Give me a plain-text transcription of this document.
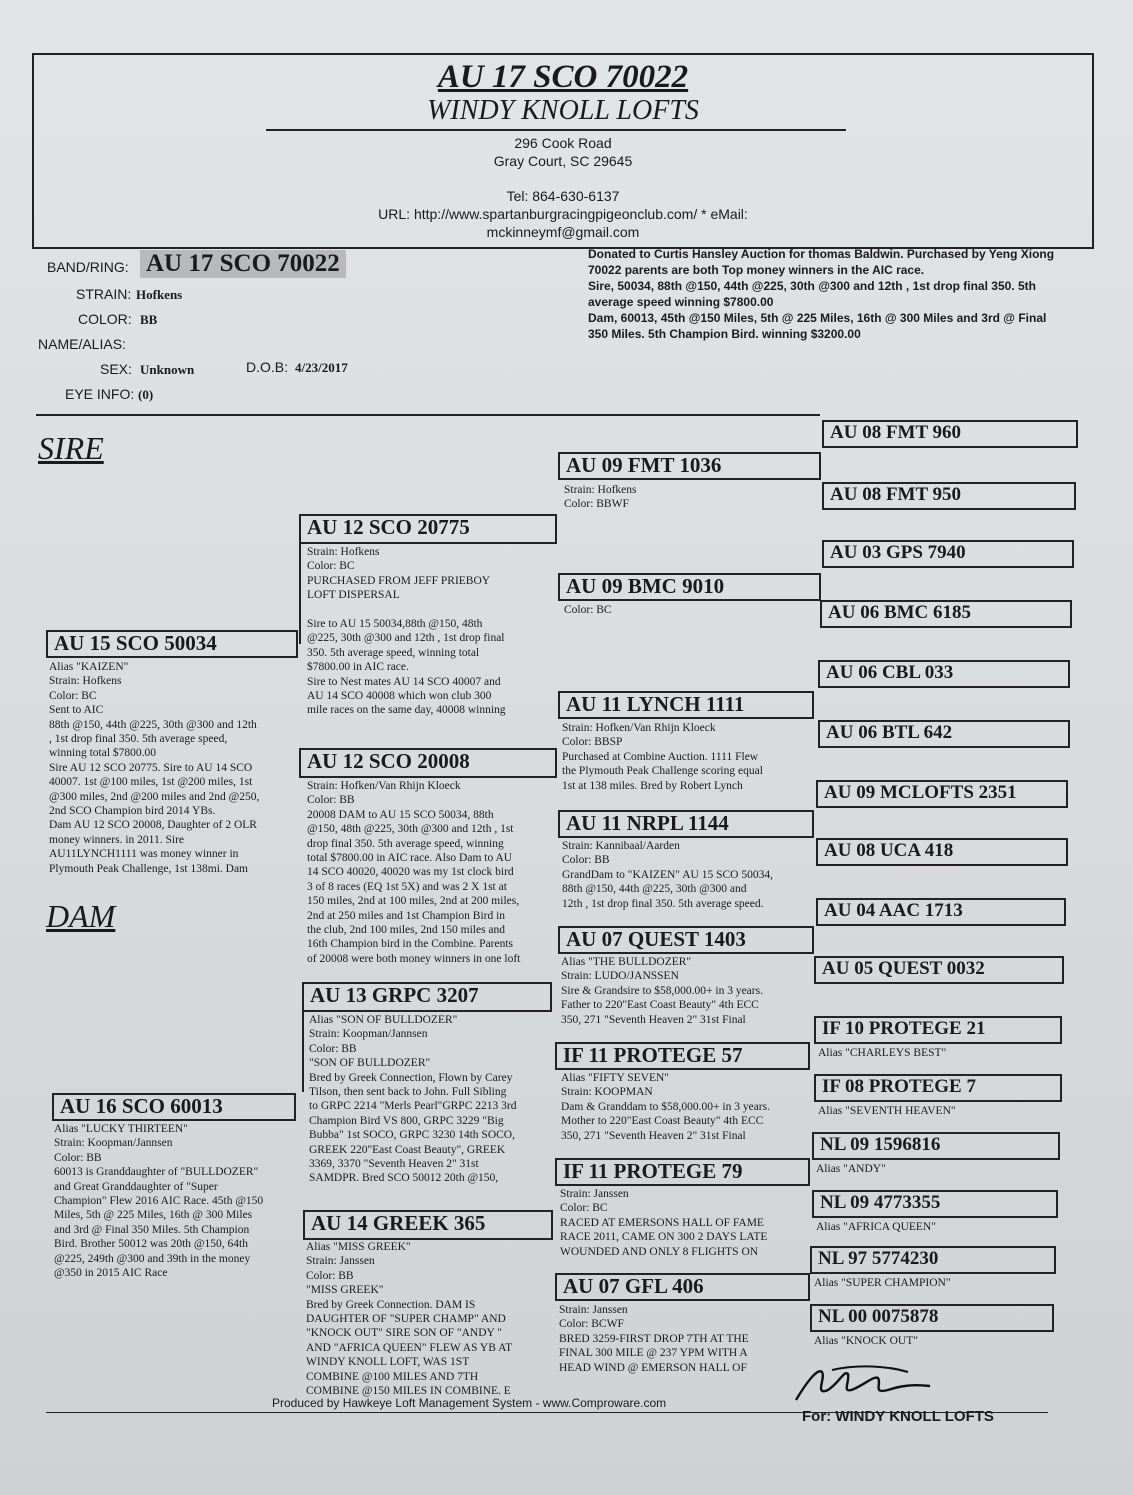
AU 17 SCO 70022
WINDY KNOLL LOFTS
296 Cook Road
Gray Court, SC 29645
Tel: 864-630-6137
URL: http://www.spartanburgracingpigeonclub.com/ * eMail:
mckinneymf@gmail.com
BAND/RING: AU 17 SCO 70022
STRAIN: Hofkens
COLOR: BB
NAME/ALIAS:
SEX: Unknown	D.O.B: 4/23/2017
EYE INFO: (0)
Donated to Curtis Hansley Auction for thomas Baldwin. Purchased by Yeng Xiong
70022 parents are both Top money winners in the AIC race.
Sire, 50034, 88th @150, 44th @225, 30th @300 and 12th , 1st drop final 350. 5th average speed winning $7800.00
Dam, 60013, 45th @150 Miles, 5th @ 225 Miles, 16th @ 300 Miles and 3rd @ Final 350 Miles. 5th Champion Bird. winning $3200.00
SIRE
DAM
AU 15 SCO 50034
Alias "KAIZEN"
Strain: Hofkens
Color: BC
Sent to AIC
88th @150, 44th @225, 30th @300 and 12th
, 1st drop final 350. 5th average speed,
winning total $7800.00
Sire AU 12 SCO 20775. Sire to AU 14 SCO
40007. 1st @100 miles, 1st @200 miles, 1st
@300 miles, 2nd @200 miles and 2nd @250,
2nd SCO Champion bird 2014 YBs.
Dam AU 12 SCO 20008, Daughter of 2 OLR
money winners. in 2011. Sire
AU11LYNCH1111 was money winner in
Plymouth Peak Challenge, 1st 138mi. Dam
AU 16 SCO 60013
Alias "LUCKY THIRTEEN"
Strain: Koopman/Jannsen
Color: BB
60013 is Granddaughter of "BULLDOZER"
and Great Granddaughter of "Super
Champion" Flew 2016 AIC Race. 45th @150
Miles, 5th @ 225 Miles, 16th @ 300 Miles
and 3rd @ Final 350 Miles. 5th Champion
Bird. Brother 50012 was 20th @150, 64th
@225, 249th @300 and 39th in the money
@350 in 2015 AIC Race
AU 12 SCO 20775
Strain: Hofkens
Color: BC
PURCHASED FROM JEFF PRIEBOY
LOFT DISPERSAL

Sire to AU 15 50034,88th @150, 48th
@225, 30th @300 and 12th , 1st drop final
350. 5th average speed, winning total
$7800.00 in AIC race.
Sire to Nest mates AU 14 SCO 40007 and
AU 14 SCO 40008 which won club 300
mile races on the same day, 40008 winning
AU 12 SCO 20008
Strain: Hofken/Van Rhijn Kloeck
Color: BB
20008 DAM to AU 15 SCO 50034, 88th
@150, 48th @225, 30th @300 and 12th , 1st
drop final 350. 5th average speed, winning
total $7800.00 in AIC race. Also Dam to AU
14 SCO 40020, 40020 was my 1st clock bird
3 of 8 races (EQ 1st 5X) and was 2 X 1st at
150 miles, 2nd at 100 miles, 2nd at 200 miles,
2nd at 250 miles and 1st Champion Bird in
the club, 2nd 100 miles, 2nd 150 miles and
16th Champion bird in the Combine. Parents
of 20008 were both money winners in one loft
AU 13 GRPC 3207
Alias "SON OF BULLDOZER"
Strain: Koopman/Jannsen
Color: BB
"SON OF BULLDOZER"
Bred by Greek Connection, Flown by Carey
Tilson, then sent back to John. Full Sibling
to GRPC 2214 "Merls Pearl"GRPC 2213 3rd
Champion Bird VS 800, GRPC 3229 "Big
Bubba" 1st SOCO, GRPC 3230 14th SOCO,
GREEK 220"East Coast Beauty", GREEK
3369, 3370 "Seventh Heaven 2" 31st
SAMDPR. Bred SCO 50012 20th @150,
AU 14 GREEK 365
Alias "MISS GREEK"
Strain: Janssen
Color: BB
"MISS GREEK"
Bred by Greek Connection. DAM IS
DAUGHTER OF "SUPER CHAMP" AND
"KNOCK OUT" SIRE SON OF "ANDY "
AND "AFRICA QUEEN" FLEW AS YB AT
WINDY KNOLL LOFT, WAS 1ST
COMBINE @100 MILES AND 7TH
COMBINE @150 MILES IN COMBINE. E
AU 09 FMT 1036
Strain: Hofkens
Color: BBWF
AU 09 BMC 9010
Color: BC
AU 11 LYNCH 1111
Strain: Hofken/Van Rhijn Kloeck
Color: BBSP
Purchased at Combine Auction. 1111 Flew
the Plymouth Peak Challenge scoring equal
1st at 138 miles. Bred by Robert Lynch
AU 11 NRPL 1144
Strain: Kannibaal/Aarden
Color: BB
GrandDam to "KAIZEN" AU 15 SCO 50034,
88th @150, 44th @225, 30th @300 and
12th , 1st drop final 350. 5th average speed.
AU 07 QUEST 1403
Alias "THE BULLDOZER"
Strain: LUDO/JANSSEN
Sire & Grandsire to $58,000.00+ in 3 years.
Father to 220"East Coast Beauty" 4th ECC
350, 271 "Seventh Heaven 2" 31st Final
IF 11 PROTEGE 57
Alias "FIFTY SEVEN"
Strain: KOOPMAN
Dam & Granddam to $58,000.00+ in 3 years.
Mother to 220"East Coast Beauty" 4th ECC
350, 271 "Seventh Heaven 2" 31st Final
IF 11 PROTEGE 79
Strain: Janssen
Color: BC
RACED AT EMERSONS HALL OF FAME
RACE 2011, CAME ON 300 2 DAYS LATE
WOUNDED AND ONLY 8 FLIGHTS ON
AU 07 GFL 406
Strain: Janssen
Color: BCWF
BRED 3259-FIRST DROP 7TH AT THE
FINAL 300 MILE @ 237 YPM WITH A
HEAD WIND @ EMERSON HALL OF
AU 08 FMT 960
AU 08 FMT 950
AU 03 GPS 7940
AU 06 BMC 6185
AU 06 CBL 033
AU 06 BTL 642
AU 09 MCLOFTS 2351
AU 08 UCA 418
AU 04 AAC 1713
AU 05 QUEST 0032
IF 10 PROTEGE 21
Alias "CHARLEYS BEST"
IF 08 PROTEGE 7
Alias "SEVENTH HEAVEN"
NL 09 1596816
Alias "ANDY"
NL 09 4773355
Alias "AFRICA QUEEN"
NL 97 5774230
Alias "SUPER CHAMPION"
NL 00 0075878
Alias "KNOCK OUT"
Produced by Hawkeye Loft Management System - www.Comproware.com
For: WINDY KNOLL LOFTS
